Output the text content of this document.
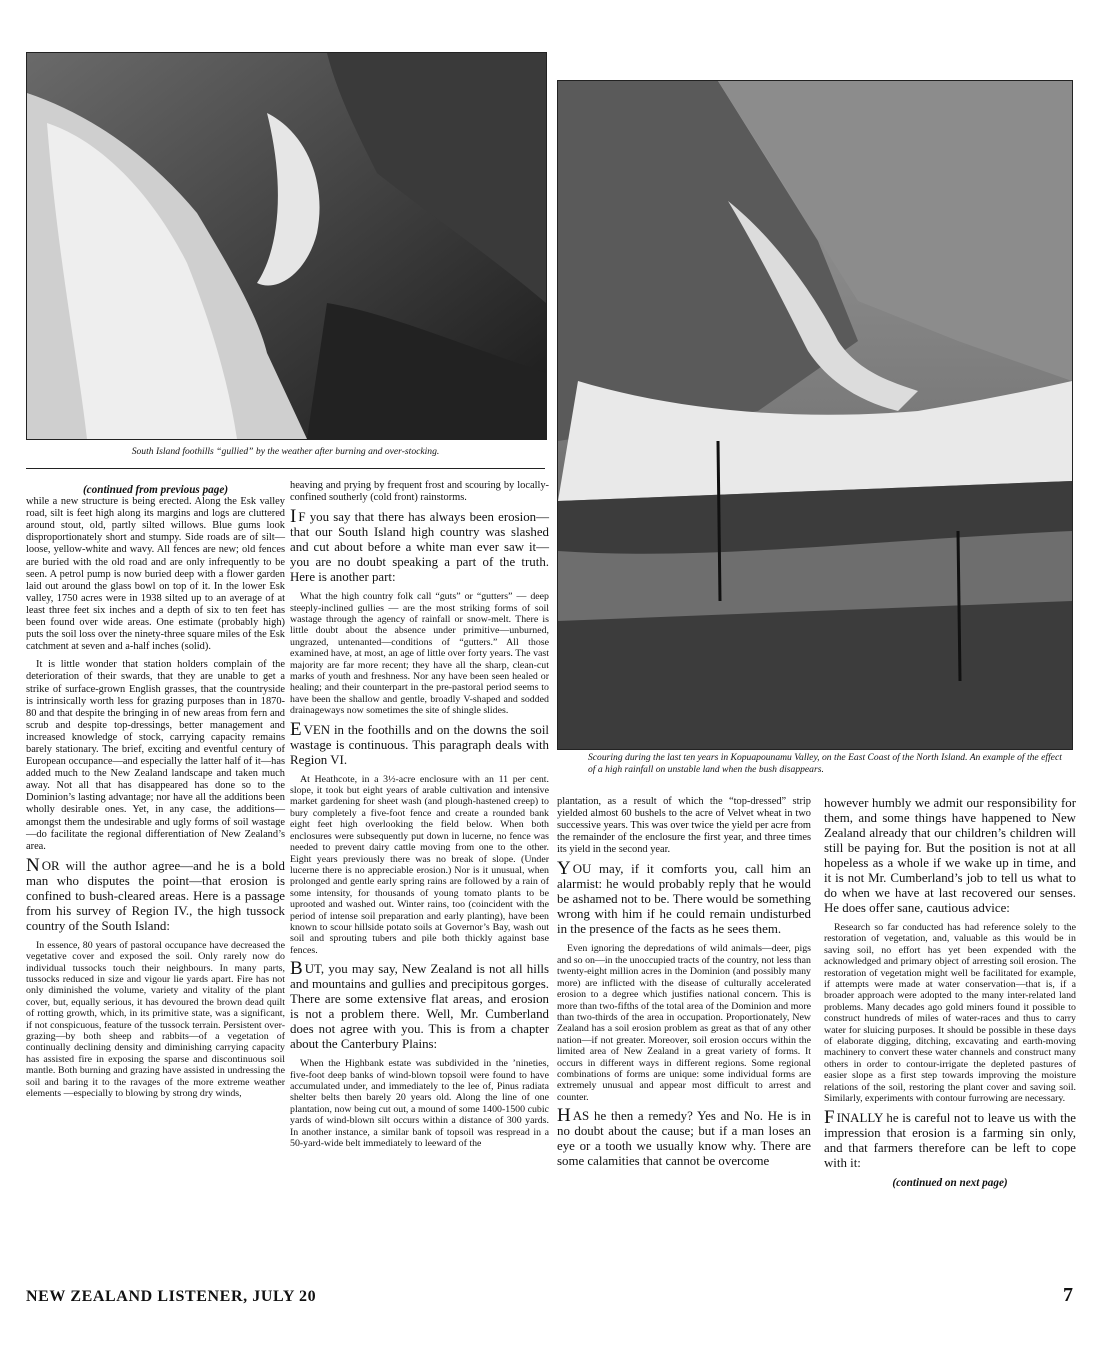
South Island foothills “gullied” by the weather after burning and over-stocking.
Scouring during the last ten years in Kopuapounamu Valley, on the East Coast of the North Island. An example of the effect of a high rainfall on unstable land when the bush disappears.

(continued from previous page)

while a new structure is being erected. Along the Esk valley road, silt is feet high along its margins and logs are cluttered around stout, old, partly silted willows. Blue gums look disproportionately short and stumpy. Side roads are of silt—loose, yellow-white and wavy. All fences are new; old fences are buried with the old road and are only infrequently to be seen. A petrol pump is now buried deep with a flower garden laid out around the glass bowl on top of it. In the lower Esk valley, 1750 acres were in 1938 silted up to an average of at least three feet six inches and a depth of six to ten feet has been found over wide areas. One estimate (probably high) puts the soil loss over the ninety-three square miles of the Esk catchment at seven and a-half inches (solid).

It is little wonder that station holders complain of the deterioration of their swards, that they are unable to get a strike of surface-grown English grasses, that the countryside is intrinsically worth less for grazing purposes than in 1870-80 and that despite the bringing in of new areas from fern and scrub and despite top-dressings, better management and increased knowledge of stock, carrying capacity remains barely stationary. The brief, exciting and eventful century of European occupance—and especially the latter half of it—has added much to the New Zealand landscape and taken much away. Not all that has disappeared has done so to the Dominion’s lasting advantage; nor have all the additions been wholly desirable ones. Yet, in any case, the additions—amongst them the undesirable and ugly forms of soil wastage—do facilitate the regional differentiation of New Zealand’s area.

N OR will the author agree—and he is a bold man who disputes the point—that erosion is confined to bush-cleared areas. Here is a passage from his survey of Region IV., the high tussock country of the South Island:

In essence, 80 years of pastoral occupance have decreased the vegetative cover and exposed the soil. Only rarely now do individual tussocks touch their neighbours. In many parts, tussocks reduced in size and vigour lie yards apart. Fire has not only diminished the volume, variety and vitality of the plant cover, but, equally serious, it has devoured the brown dead quilt of rotting growth, which, in its primitive state, was a significant, if not conspicuous, feature of the tussock terrain. Persistent over-grazing—by both sheep and rabbits—of a vegetation of continually declining density and diminishing carrying capacity has assisted fire in exposing the sparse and discontinuous soil mantle. Both burning and grazing have assisted in undressing the soil and baring it to the ravages of the more extreme weather elements —especially to blowing by strong dry winds,

heaving and prying by frequent frost and scouring by locally-confined southerly (cold front) rainstorms.

I F you say that there has always been erosion—that our South Island high country was slashed and cut about before a white man ever saw it—you are no doubt speaking a part of the truth. Here is another part:

What the high country folk call “guts” or “gutters” — deep steeply-inclined gullies — are the most striking forms of soil wastage through the agency of rainfall or snow-melt. There is little doubt about the absence under primitive—unburned, ungrazed, untenanted—conditions of “gutters.” All those examined have, at most, an age of little over forty years. The vast majority are far more recent; they have all the sharp, clean-cut marks of youth and freshness. Nor any have been seen healed or healing; and their counterpart in the pre-pastoral period seems to have been the shallow and gentle, broadly V-shaped and sodded drainageways now sometimes the site of shingle slides.

E VEN in the foothills and on the downs the soil wastage is continuous. This paragraph deals with Region VI.

At Heathcote, in a 3½-acre enclosure with an 11 per cent. slope, it took but eight years of arable cultivation and intensive market gardening for sheet wash (and plough-hastened creep) to bury completely a five-foot fence and create a rounded bank eight feet high overlooking the field below. When both enclosures were subsequently put down in lucerne, no fence was needed to prevent dairy cattle moving from one to the other. Eight years previously there was no break of slope. (Under lucerne there is no appreciable erosion.) Nor is it unusual, when prolonged and gentle early spring rains are followed by a rain of some intensity, for thousands of young tomato plants to be uprooted and washed out. Winter rains, too (coincident with the period of intense soil preparation and early planting), have been known to scour hillside potato soils at Governor’s Bay, wash out soil and sprouting tubers and pile both thickly against base fences.

B UT, you may say, New Zealand is not all hills and mountains and gullies and precipitous gorges. There are some extensive flat areas, and erosion is not a problem there. Well, Mr. Cumberland does not agree with you. This is from a chapter about the Canterbury Plains:

When the Highbank estate was subdivided in the ’nineties, five-foot deep banks of wind-blown topsoil were found to have accumulated under, and immediately to the lee of, Pinus radiata shelter belts then barely 20 years old. Along the line of one plantation, now being cut out, a mound of some 1400-1500 cubic yards of wind-blown silt occurs within a distance of 300 yards. In another instance, a similar bank of topsoil was respread in a 50-yard-wide belt immediately to leeward of the

plantation, as a result of which the “top-dressed” strip yielded almost 60 bushels to the acre of Velvet wheat in two successive years. This was over twice the yield per acre from the remainder of the enclosure the first year, and three times its yield in the second year.

Y OU may, if it comforts you, call him an alarmist: he would probably reply that he would be ashamed not to be. There would be something wrong with him if he could remain undisturbed in the presence of the facts as he sees them.

Even ignoring the depredations of wild animals—deer, pigs and so on—in the unoccupied tracts of the country, not less than twenty-eight million acres in the Dominion (and possibly many more) are inflicted with the disease of culturally accelerated erosion to a degree which justifies national concern. This is more than two-fifths of the total area of the Dominion and more than two-thirds of the area in occupation. Proportionately, New Zealand has a soil erosion problem as great as that of any other nation—if not greater. Moreover, soil erosion occurs within the limited area of New Zealand in a great variety of forms. It occurs in different ways in different regions. Some regional combinations of forms are unique: some individual forms are extremely unusual and appear most difficult to arrest and counter.

H AS he then a remedy? Yes and No. He is in no doubt about the cause; but if a man loses an eye or a tooth we usually know why. There are some calamities that cannot be overcome

however humbly we admit our responsibility for them, and some things have happened to New Zealand already that our children’s children will still be paying for. But the position is not at all hopeless as a whole if we wake up in time, and it is not Mr. Cumberland’s job to tell us what to do when we have at last recovered our senses. He does offer sane, cautious advice:

Research so far conducted has had reference solely to the restoration of vegetation, and, valuable as this would be in saving soil, no effort has yet been expended with the acknowledged and primary object of arresting soil erosion. The restoration of vegetation might well be facilitated for example, if attempts were made at water conservation—that is, if a broader approach were adopted to the many inter-related land problems. Many decades ago gold miners found it possible to construct hundreds of miles of water-races and thus to carry water for sluicing purposes. It should be possible in these days of elaborate digging, ditching, excavating and earth-moving machinery to convert these water channels and construct many others in order to contour-irrigate the depleted pastures of easier slope as a first step towards improving the moisture relations of the soil, restoring the plant cover and saving soil. Similarly, experiments with contour furrowing are necessary.

F INALLY he is careful not to leave us with the impression that erosion is a farming sin only, and that farmers therefore can be left to cope with it:

(continued on next page)

NEW ZEALAND LISTENER, JULY 20	7
